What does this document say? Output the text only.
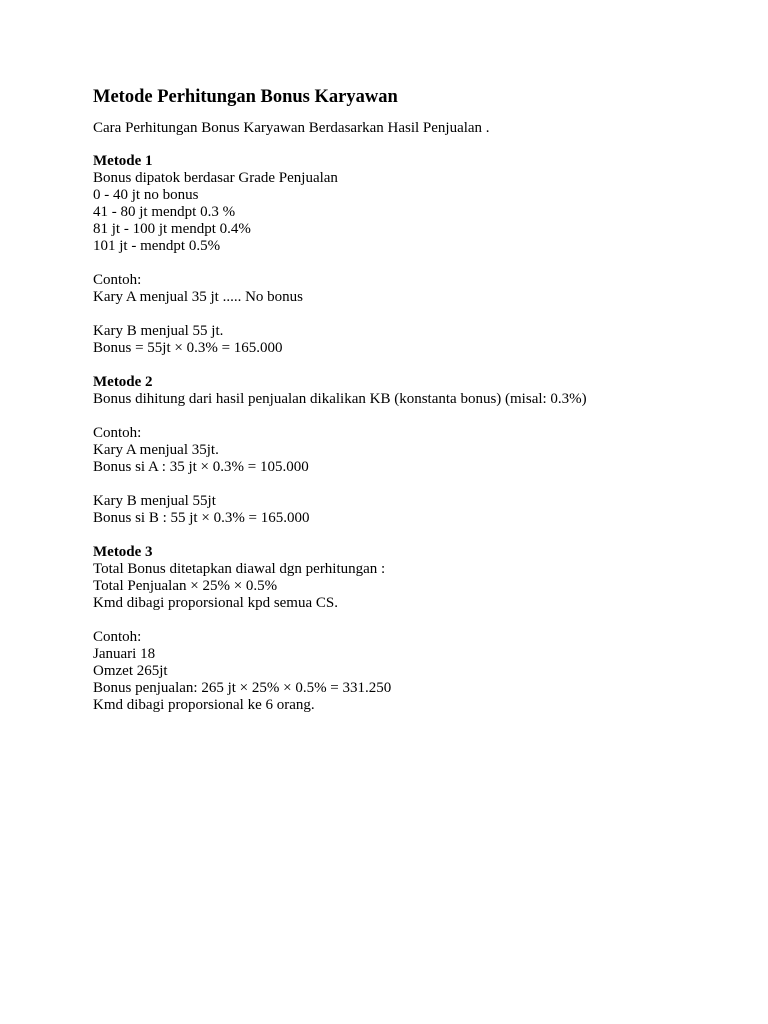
Metode Perhitungan Bonus Karyawan
Cara Perhitungan Bonus Karyawan Berdasarkan Hasil Penjualan .
Metode 1
Bonus dipatok berdasar Grade Penjualan
0 - 40 jt no bonus
41 - 80 jt mendpt 0.3 %
81 jt - 100 jt mendpt 0.4%
101 jt - mendpt 0.5%
Contoh:
Kary A menjual 35 jt ..... No bonus
Kary B menjual 55 jt.
Bonus = 55jt × 0.3% = 165.000
Metode 2
Bonus dihitung dari hasil penjualan dikalikan KB (konstanta bonus) (misal: 0.3%)
Contoh:
Kary A menjual 35jt.
Bonus si A : 35 jt × 0.3% = 105.000
Kary B menjual 55jt
Bonus si B : 55 jt × 0.3% = 165.000
Metode 3
Total Bonus ditetapkan diawal dgn perhitungan :
Total Penjualan × 25% × 0.5%
Kmd dibagi proporsional kpd semua CS.
Contoh:
Januari 18
Omzet 265jt
Bonus penjualan: 265 jt × 25% × 0.5% = 331.250
Kmd dibagi proporsional ke 6 orang.
